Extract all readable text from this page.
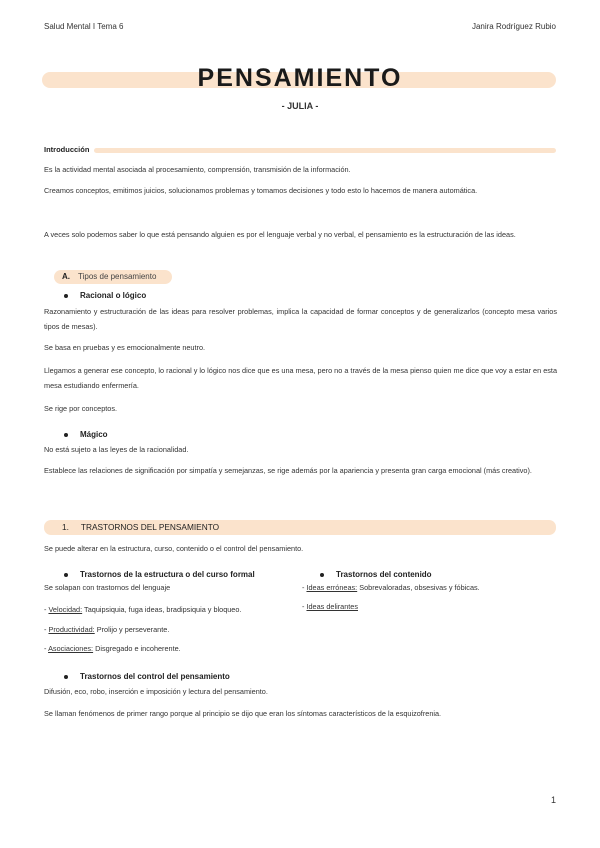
Salud Mental I Tema 6	Janira Rodríguez Rubio
PENSAMIENTO
- JULIA -
Introducción
Es la actividad mental asociada al procesamiento, comprensión, transmisión de la información.
Creamos conceptos, emitimos juicios, solucionamos problemas y tomamos decisiones y todo esto lo hacemos de manera automática.
A veces solo podemos saber lo que está pensando alguien es por el lenguaje verbal y no verbal, el pensamiento es la estructuración de las ideas.
A. Tipos de pensamiento
Racional o lógico
Razonamiento y estructuración de las ideas para resolver problemas, implica la capacidad de formar conceptos y de generalizarlos (concepto mesa varios tipos de mesas).
Se basa en pruebas y es emocionalmente neutro.
Llegamos a generar ese concepto, lo racional y lo lógico nos dice que es una mesa, pero no a través de la mesa pienso quien me dice que voy a estar en esta mesa estudiando enfermería.
Se rige por conceptos.
Mágico
No está sujeto a las leyes de la racionalidad.
Establece las relaciones de significación por simpatía y semejanzas, se rige además por la apariencia y presenta gran carga emocional (más creativo).
1. TRASTORNOS DEL PENSAMIENTO
Se puede alterar en la estructura, curso, contenido o el control del pensamiento.
Trastornos de la estructura o del curso formal
Se solapan con trastornos del lenguaje
- Velocidad: Taquipsiquia, fuga ideas, bradipsiquia y bloqueo.
- Productividad: Prolijo y perseverante.
- Asociaciones: Disgregado e incoherente.
Trastornos del contenido
- Ideas erróneas: Sobrevaloradas, obsesivas y fóbicas.
- Ideas delirantes
Trastornos del control del pensamiento
Difusión, eco, robo, inserción e imposición y lectura del pensamiento.
Se llaman fenómenos de primer rango porque al principio se dijo que eran los síntomas característicos de la esquizofrenia.
1
